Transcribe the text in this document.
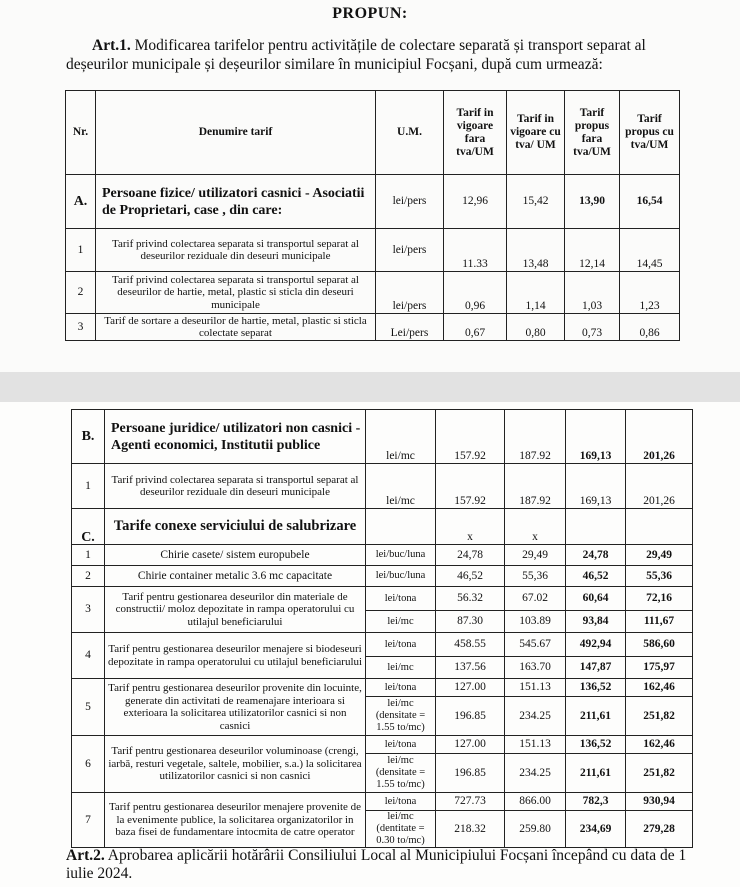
PROPUN:
Art.1. Modificarea tarifelor pentru activitățile de colectare separată și transport separat al deșeurilor municipale și deșeurilor similare în municipiul Focșani, după cum urmează:
Nr.	Denumire tarif	U.M.	Tarif in vigoare fara tva/UM	Tarif in vigoare cu tva/ UM	Tarif propus fara tva/UM	Tarif propus cu tva/UM
A.	Persoane fizice/ utilizatori casnici - Asociatii de Proprietari, case , din care:	lei/pers	12,96	15,42	13,90	16,54
1	Tarif privind colectarea separata si transportul separat al deseurilor reziduale din deseuri municipale	lei/pers	11.33	13,48	12,14	14,45
2	Tarif privind colectarea separata si transportul separat al deseurilor de hartie, metal, plastic si sticla din deseuri municipale	lei/pers	0,96	1,14	1,03	1,23
3	Tarif de sortare a deseurilor de hartie, metal, plastic si sticla colectate separat	Lei/pers	0,67	0,80	0,73	0,86
B.	Persoane juridice/ utilizatori non casnici - Agenti economici, Institutii publice	lei/mc	157.92	187.92	169,13	201,26
1	Tarif privind colectarea separata si transportul separat al deseurilor reziduale din deseuri municipale	lei/mc	157.92	187.92	169,13	201,26
C.	Tarife conexe serviciului de salubrizare		x	x		
1	Chirie casete/ sistem europubele	lei/buc/luna	24,78	29,49	24,78	29,49
2	Chirie container metalic 3.6 mc capacitate	lei/buc/luna	46,52	55,36	46,52	55,36
3	Tarif pentru gestionarea deseurilor din materiale de constructii/ moloz depozitate in rampa operatorului cu utilajul beneficiarului	lei/tona	56.32	67.02	60,64	72,16
		lei/mc	87.30	103.89	93,84	111,67
4	Tarif pentru gestionarea deseurilor menajere si biodeseuri depozitate in rampa operatorului cu utilajul beneficiarului	lei/tona	458.55	545.67	492,94	586,60
		lei/mc	137.56	163.70	147,87	175,97
5	Tarif pentru gestionarea deseurilor provenite din locuinte, generate din activitati de reamenajare interioara si exterioara la solicitarea utilizatorilor casnici si non casnici	lei/tona	127.00	151.13	136,52	162,46
		lei/mc (densitate = 1.55 to/mc)	196.85	234.25	211,61	251,82
6	Tarif pentru gestionarea deseurilor voluminoase (crengi, iarbă, resturi vegetale, saltele, mobilier, s.a.) la solicitarea utilizatorilor casnici si non casnici	lei/tona	127.00	151.13	136,52	162,46
		lei/mc (densitate = 1.55 to/mc)	196.85	234.25	211,61	251,82
7	Tarif pentru gestionarea deseurilor menajere provenite de la evenimente publice, la solicitarea organizatorilor in baza fisei de fundamentare intocmita de catre operator	lei/tona	727.73	866.00	782,3	930,94
		lei/mc (dentitate = 0.30 to/mc)	218.32	259.80	234,69	279,28
Art.2. Aprobarea aplicării hotărârii Consiliului Local al Municipiului Focșani începând cu data de 1 iulie 2024.
